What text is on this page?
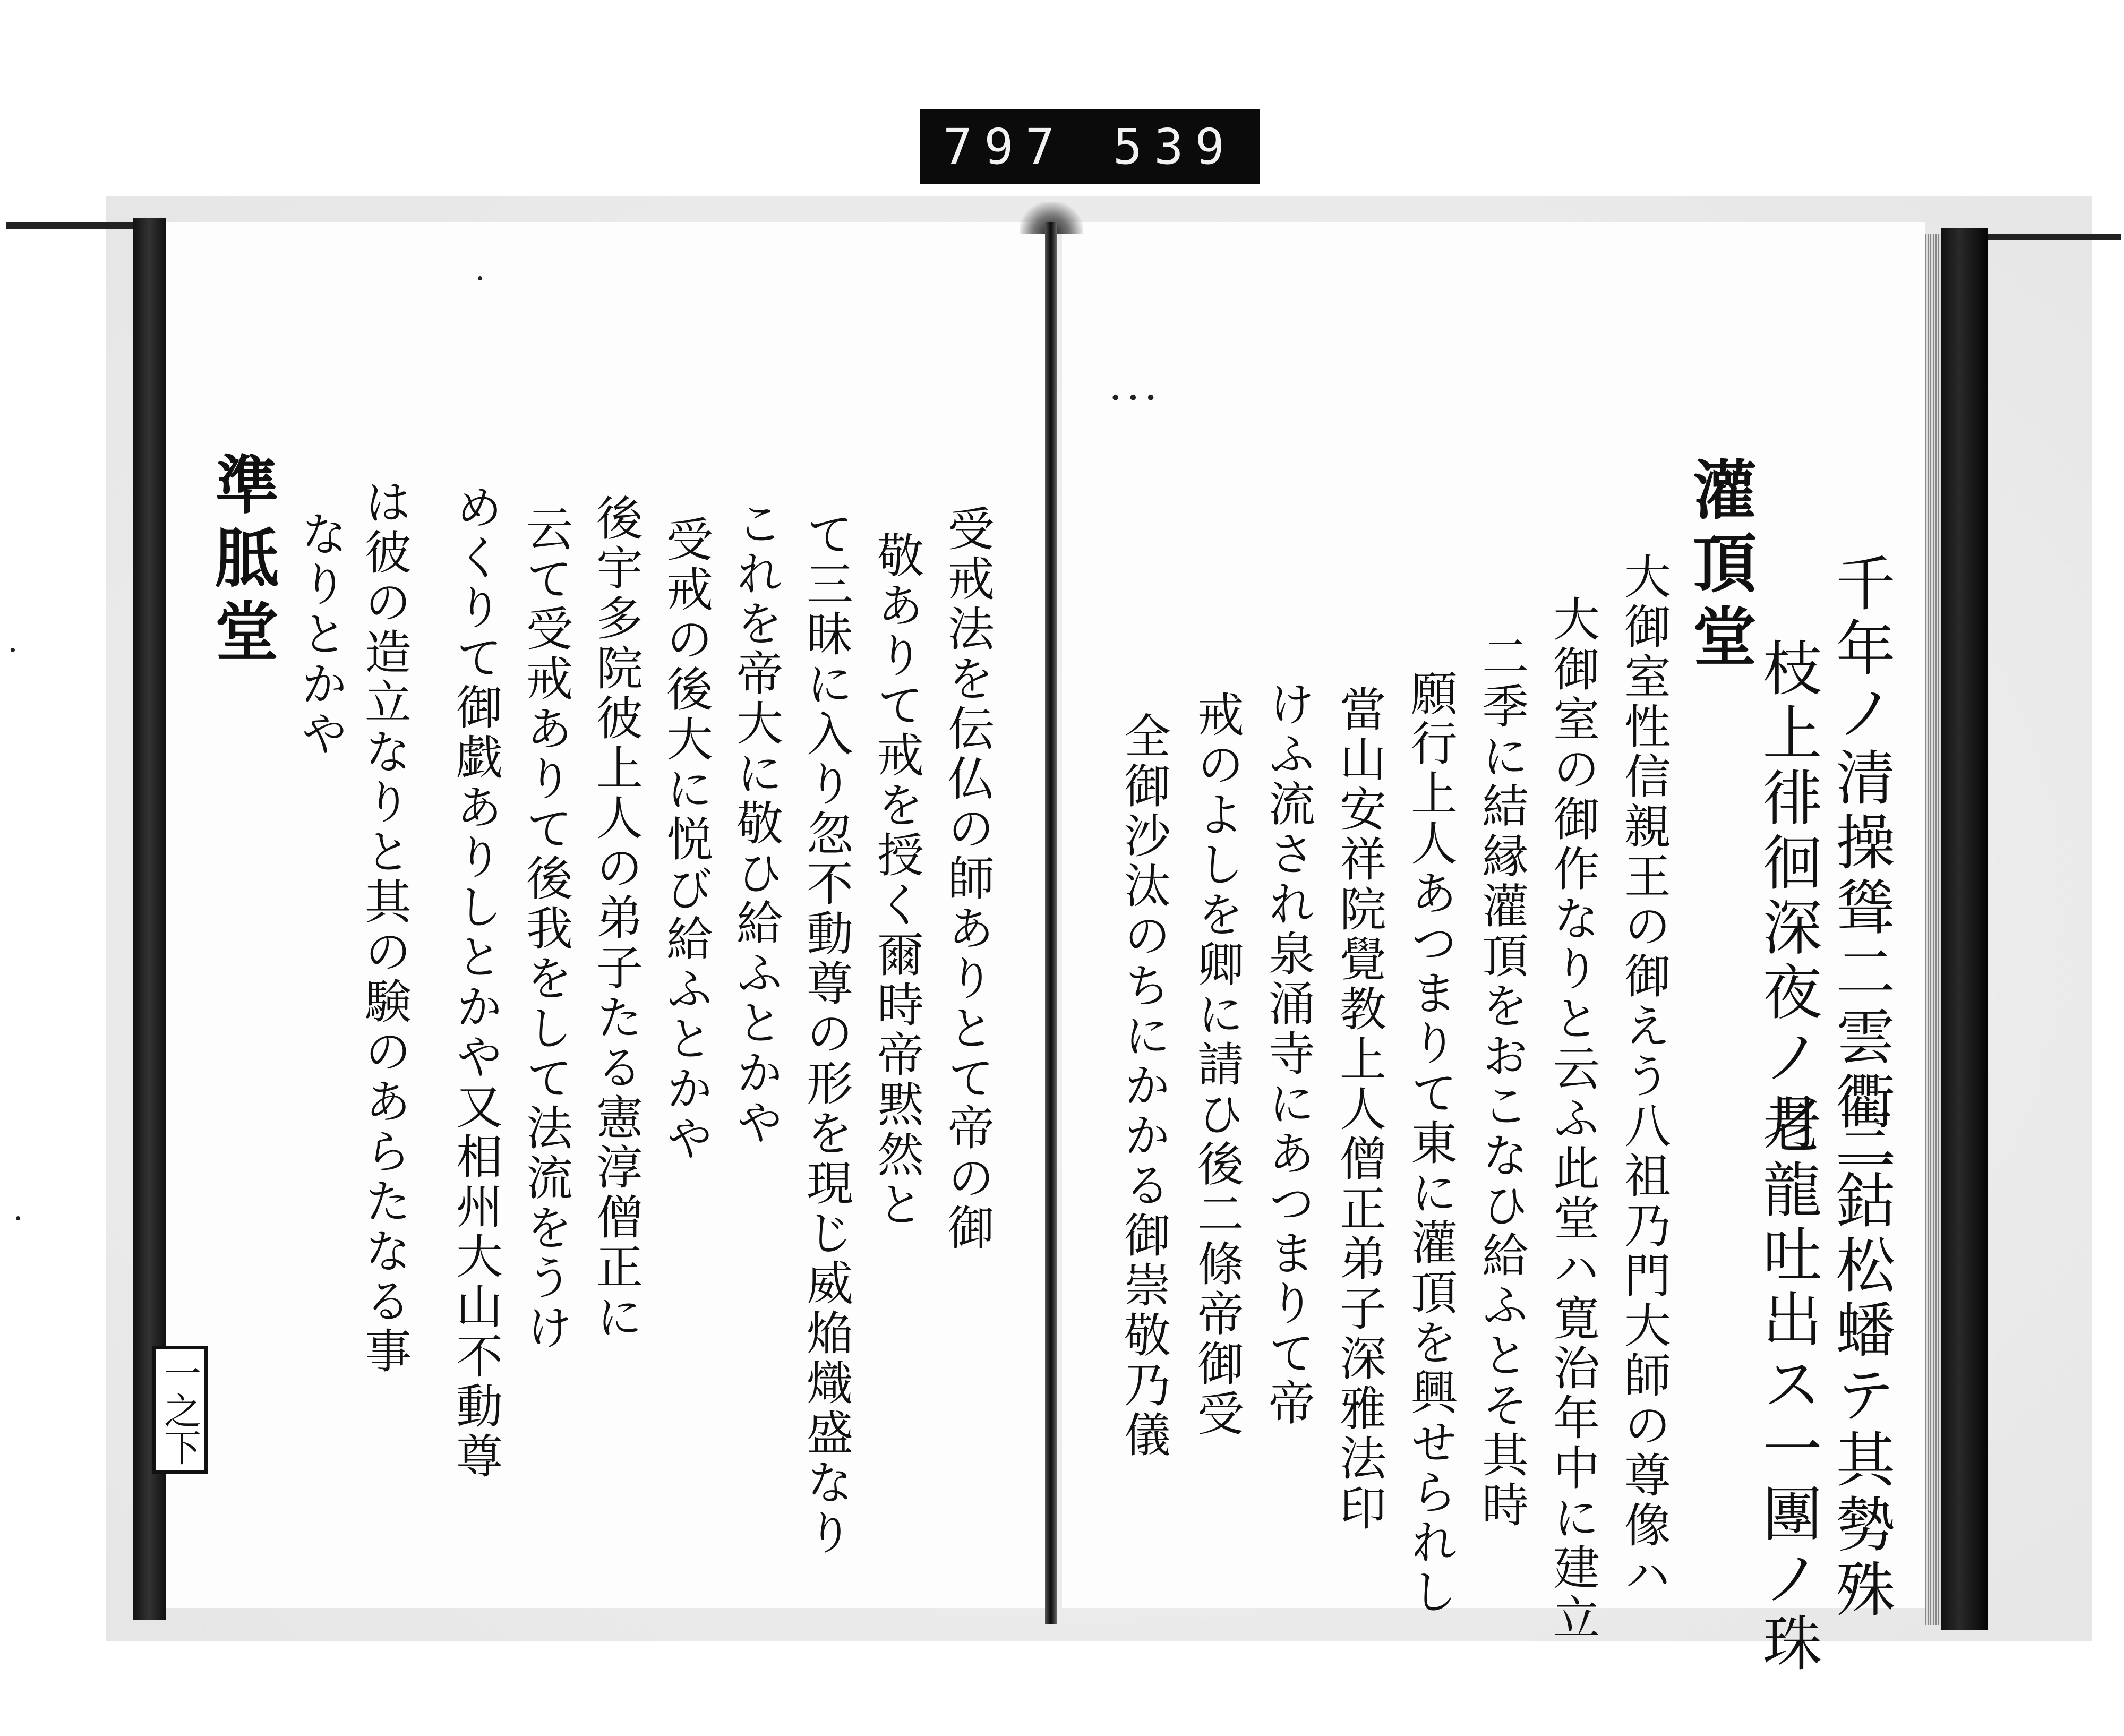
797 539
千年ノ清操聳二雲衢一
枝上徘徊深夜ノ月
三鈷松蟠テ其勢殊
老龍吐出ス一團ノ珠
灌頂堂
大御室性信親王の御えう八祖乃門大師の尊像ハ
大御室の御作なりと云ふ此堂ハ寛治年中に建立
二季に結縁灌頂をおこなひ給ふとそ其時
願行上人あつまりて東に灌頂を興せられし
當山安祥院覺教上人僧正弟子深雅法印
けふ流され泉涌寺にあつまりて帝
戒のよしを卿に請ひ後二條帝御受
全御沙汰のちにかかる御崇敬乃儀
•••
受戒法を伝仏の師ありとて帝の御
敬ありて戒を授く爾時帝黙然と
て三昧に入り忽不動尊の形を現じ威焔熾盛なり
これを帝大に敬ひ給ふとかや
受戒の後大に悦び給ふとかや
後宇多院彼上人の弟子たる憲淳僧正に
云て受戒ありて後我をして法流をうけ
めくりて御戯ありしとかや又相州大山不動尊
は彼の造立なりと其の験のあらたなる事
なりとかや
準胝堂
一之下
